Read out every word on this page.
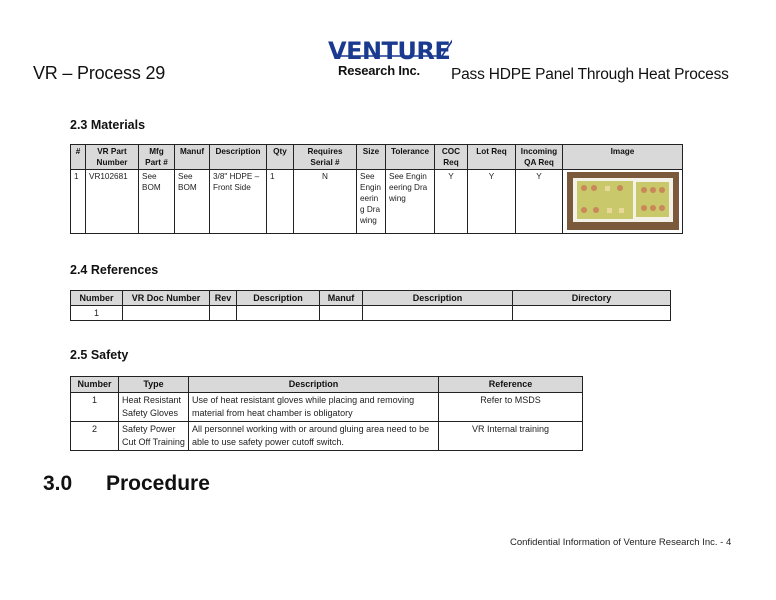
VR – Process 29
VENTURE
Research Inc. Pass HDPE Panel Through Heat Process
2.3 Materials
#	VR Part Number	Mfg Part #	Manuf	Description	Qty	Requires Serial #	Size	Tolerance	COC Req	Lot Req	Incoming QA Req	Image
1	VR102681	See BOM	See BOM	3/8" HDPE – Front Side	1	N	See Engineering Drawing	See Engineering Drawing	Y	Y	Y	
2.4 References
Number	VR Doc Number	Rev	Description	Manuf	Description	Directory
1						
2.5 Safety
Number	Type	Description	Reference
1	Heat Resistant Safety Gloves	Use of heat resistant gloves while placing and removing material from heat chamber is obligatory	Refer to MSDS
2	Safety Power Cut Off Training	All personnel working with or around gluing area need to be able to use safety power cutoff switch.	VR Internal training
3.0 Procedure
Confidential Information of Venture Research Inc. - 4
